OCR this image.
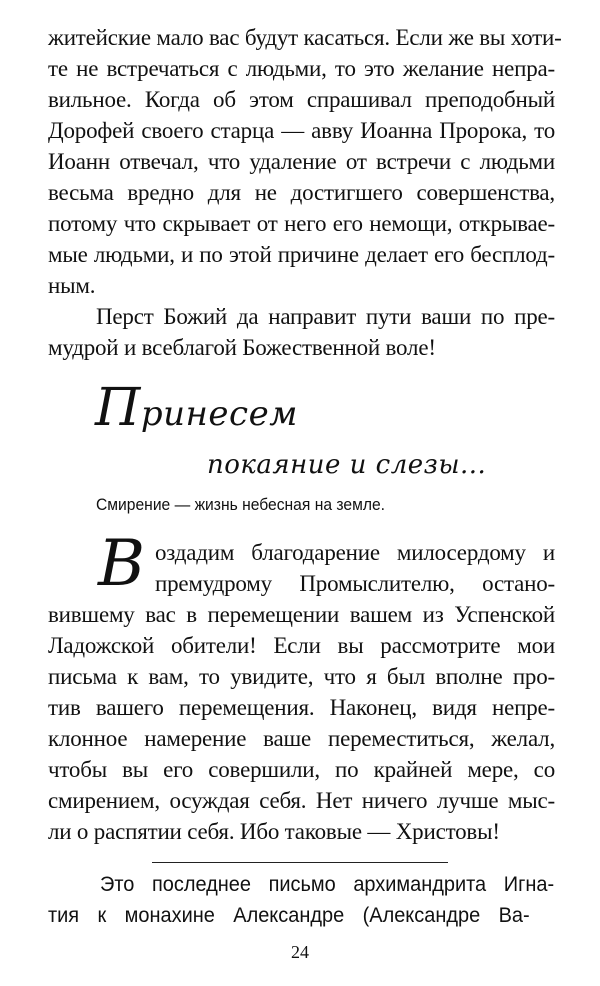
житейские мало вас будут касаться. Если же вы хоти-
те не встречаться с людьми, то это желание непра-
вильное. Когда об этом спрашивал преподобный
Дорофей своего старца — авву Иоанна Пророка, то
Иоанн отвечал, что удаление от встречи с людьми
весьма вредно для не достигшего совершенства,
потому что скрывает от него его немощи, открывае-
мые людьми, и по этой причине делает его бесплод-
ным.
Перст Божий да направит пути ваши по пре-
мудрой и всеблагой Божественной воле!
Принесем
покаяние и слезы...
Смирение — жизнь небесная на земле.
В оздадим благодарение милосердому и
премудрому Промыслителю, остано-
вившему вас в перемещении вашем из Успенской
Ладожской обители! Если вы рассмотрите мои
письма к вам, то увидите, что я был вполне про-
тив вашего перемещения. Наконец, видя непре-
клонное намерение ваше переместиться, желал,
чтобы вы его совершили, по крайней мере, со
смирением, осуждая себя. Нет ничего лучше мыс-
ли о распятии себя. Ибо таковые — Христовы!
Это последнее письмо архимандрита Игна-
тия к монахине Александре (Александре Ва-
24
